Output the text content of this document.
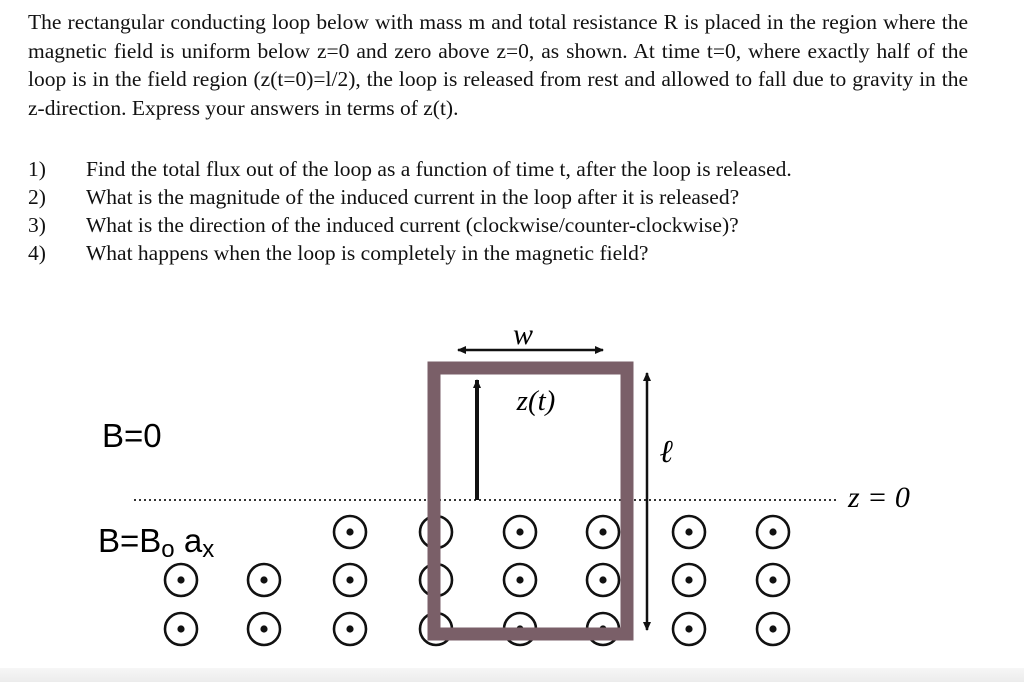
The rectangular conducting loop below with mass m and total resistance R is placed in the region where the magnetic field is uniform below z=0 and zero above z=0, as shown. At time t=0, where exactly half of the loop is in the field region (z(t=0)=l/2), the loop is released from rest and allowed to fall due to gravity in the z-direction. Express your answers in terms of z(t).

1)	Find the total flux out of the loop as a function of time t, after the loop is released.
2)	What is the magnitude of the induced current in the loop after it is released?
3)	What is the direction of the induced current (clockwise/counter-clockwise)?
4)	What happens when the loop is completely in the magnetic field?
w
z(t)
ℓ
B=0
B=Bo ax
z = 0
